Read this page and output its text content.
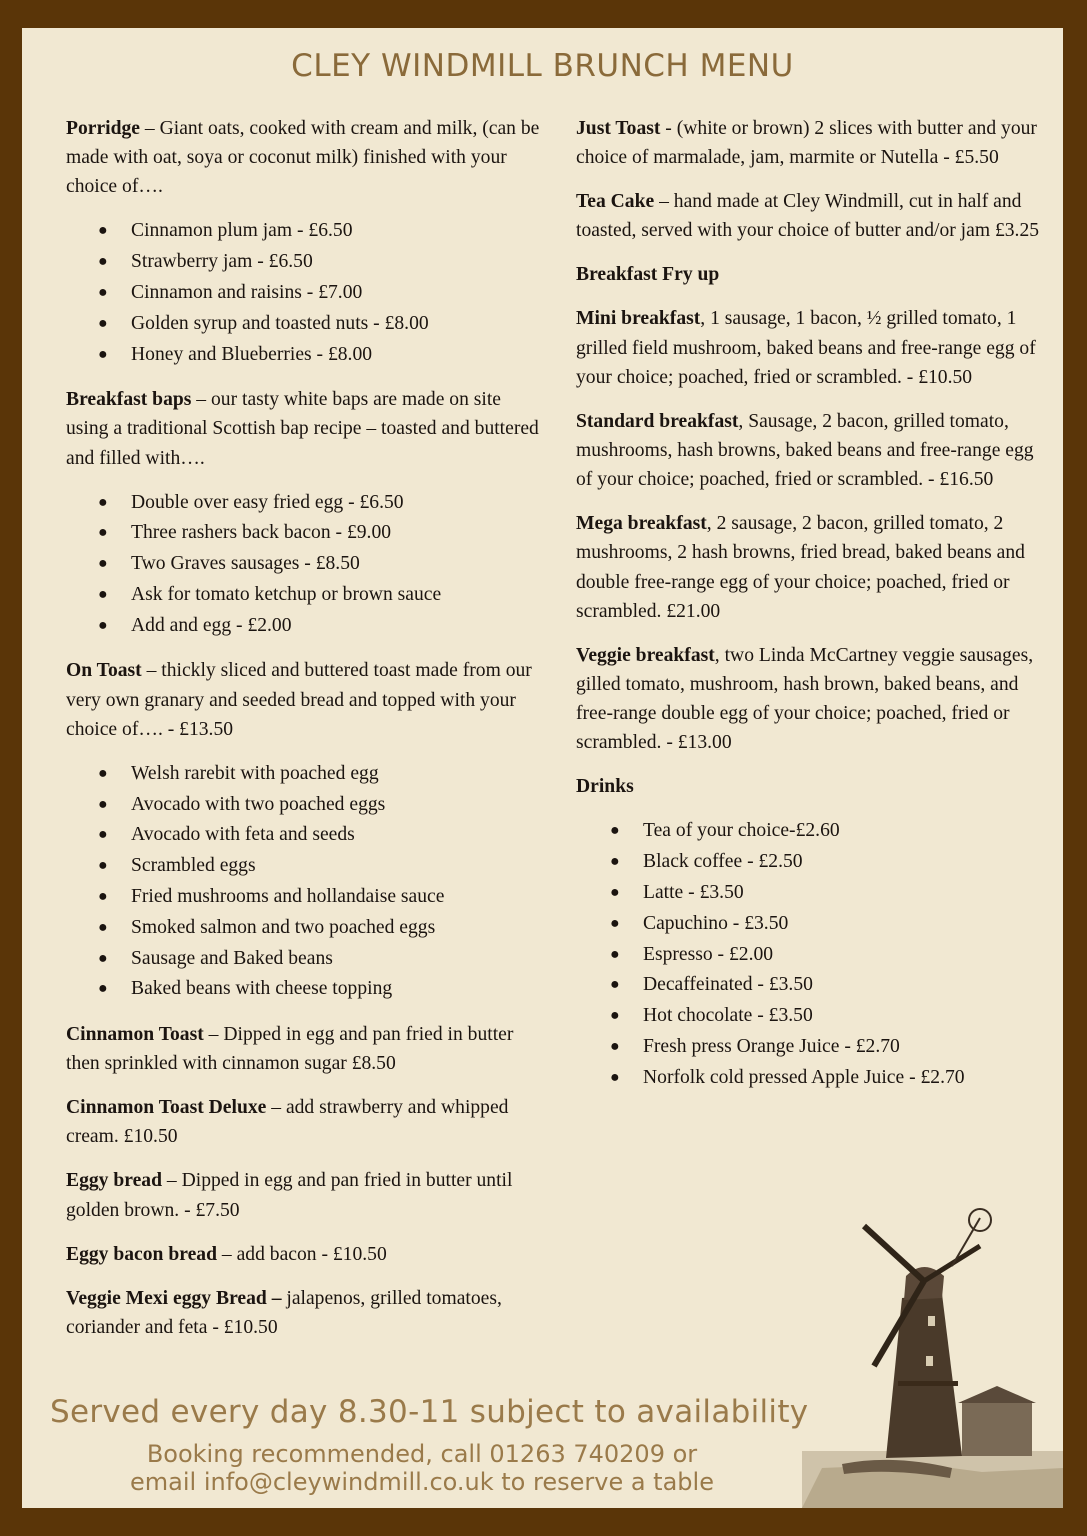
CLEY WINDMILL BRUNCH MENU
Porridge – Giant oats, cooked with cream and milk, (can be made with oat, soya or coconut milk) finished with your choice of….
● Cinnamon plum jam - £6.50
● Strawberry jam - £6.50
● Cinnamon and raisins - £7.00
● Golden syrup and toasted nuts - £8.00
● Honey and Blueberries - £8.00
Breakfast baps – our tasty white baps are made on site using a traditional Scottish bap recipe – toasted and buttered and filled with….
● Double over easy fried egg - £6.50
● Three rashers back bacon - £9.00
● Two Graves sausages - £8.50
● Ask for tomato ketchup or brown sauce
● Add and egg - £2.00
On Toast – thickly sliced and buttered toast made from our very own granary and seeded bread and topped with your choice of…. - £13.50
● Welsh rarebit with poached egg
● Avocado with two poached eggs
● Avocado with feta and seeds
● Scrambled eggs
● Fried mushrooms and hollandaise sauce
● Smoked salmon and two poached eggs
● Sausage and Baked beans
● Baked beans with cheese topping
Cinnamon Toast – Dipped in egg and pan fried in butter then sprinkled with cinnamon sugar £8.50
Cinnamon Toast Deluxe – add strawberry and whipped cream. £10.50
Eggy bread – Dipped in egg and pan fried in butter until golden brown. - £7.50
Eggy bacon bread – add bacon - £10.50
Veggie Mexi eggy Bread – jalapenos, grilled tomatoes, coriander and feta - £10.50
Just Toast - (white or brown) 2 slices with butter and your choice of marmalade, jam, marmite or Nutella - £5.50
Tea Cake – hand made at Cley Windmill, cut in half and toasted, served with your choice of butter and/or jam £3.25
Breakfast Fry up
Mini breakfast, 1 sausage, 1 bacon, ½ grilled tomato, 1 grilled field mushroom, baked beans and free-range egg of your choice; poached, fried or scrambled. - £10.50
Standard breakfast, Sausage, 2 bacon, grilled tomato, mushrooms, hash browns, baked beans and free-range egg of your choice; poached, fried or scrambled. - £16.50
Mega breakfast, 2 sausage, 2 bacon, grilled tomato, 2 mushrooms, 2 hash browns, fried bread, baked beans and double free-range egg of your choice; poached, fried or scrambled. £21.00
Veggie breakfast, two Linda McCartney veggie sausages, gilled tomato, mushroom, hash brown, baked beans, and free-range double egg of your choice; poached, fried or scrambled. - £13.00
Drinks
● Tea of your choice-£2.60
● Black coffee - £2.50
● Latte - £3.50
● Capuchino - £3.50
● Espresso - £2.00
● Decaffeinated - £3.50
● Hot chocolate - £3.50
● Fresh press Orange Juice - £2.70
● Norfolk cold pressed Apple Juice - £2.70
Served every day 8.30-11 subject to availability
Booking recommended, call 01263 740209 or
email info@cleywindmill.co.uk to reserve a table
